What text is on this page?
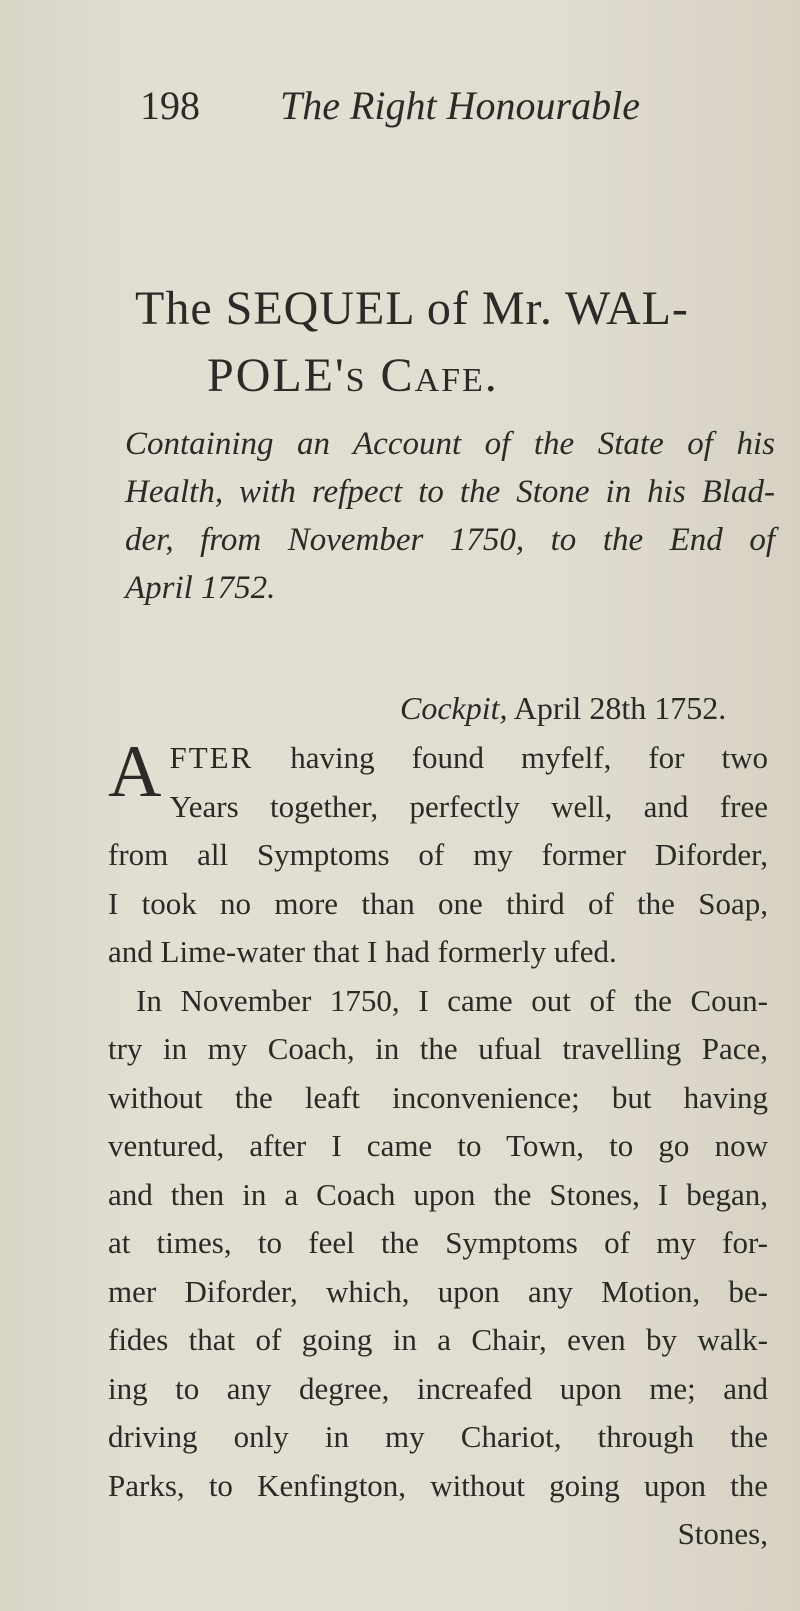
198 The Right Honourable
The SEQUEL of Mr. WAL-
POLE's Cafe.
Containing an Account of the State of his
Health, with refpect to the Stone in his Blad-
der, from November 1750, to the End of
April 1752.
Cockpit, April 28th 1752.
A FTER having found myfelf, for two
Years together, perfectly well, and free
from all Symptoms of my former Diforder,
I took no more than one third of the Soap,
and Lime-water that I had formerly ufed.
In November 1750, I came out of the Coun-
try in my Coach, in the ufual travelling Pace,
without the leaft inconvenience; but having
ventured, after I came to Town, to go now
and then in a Coach upon the Stones, I began,
at times, to feel the Symptoms of my for-
mer Diforder, which, upon any Motion, be-
fides that of going in a Chair, even by walk-
ing to any degree, increafed upon me; and
driving only in my Chariot, through the
Parks, to Kenfington, without going upon the
Stones,
